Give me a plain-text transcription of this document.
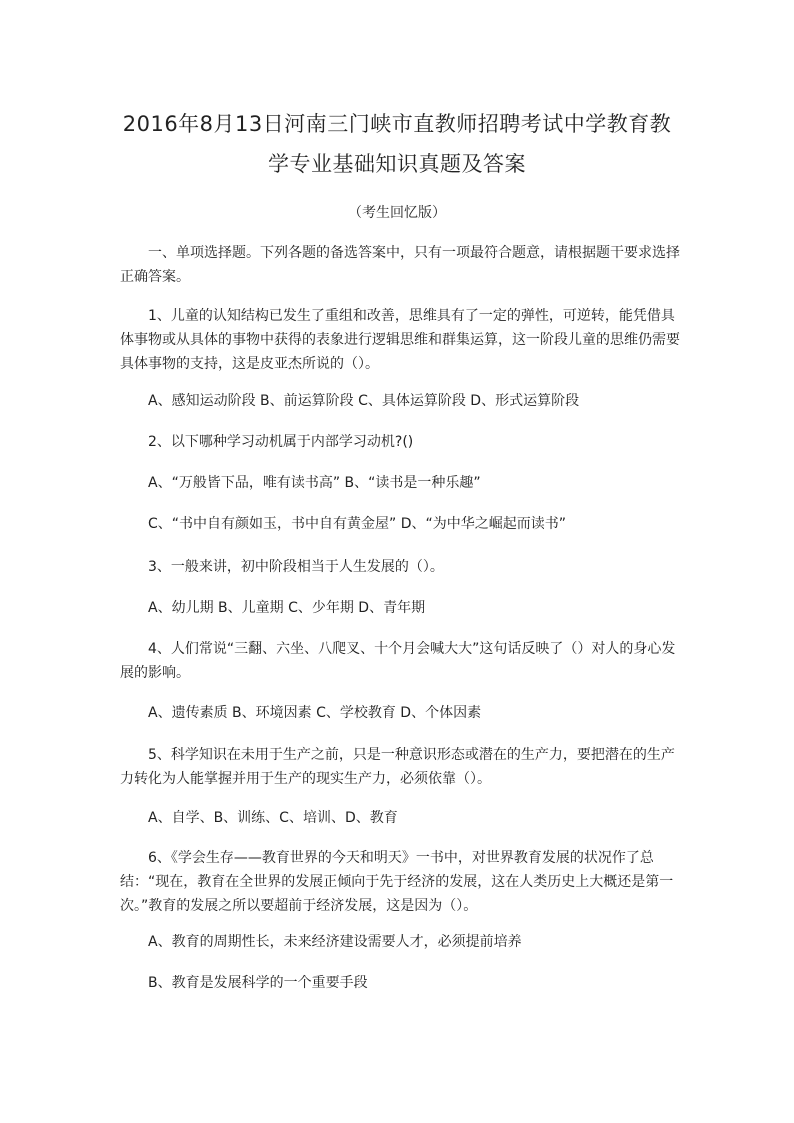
2016年8月13日河南三门峡市直教师招聘考试中学教育教
学专业基础知识真题及答案
（考生回忆版）
一、单项选择题。下列各题的备选答案中，只有一项最符合题意，请根据题干要求选择正确答案。
1、儿童的认知结构已发生了重组和改善，思维具有了一定的弹性，可逆转，能凭借具体事物或从具体的事物中获得的表象进行逻辑思维和群集运算，这一阶段儿童的思维仍需要具体事物的支持，这是皮亚杰所说的（）。
A、感知运动阶段 B、前运算阶段 C、具体运算阶段 D、形式运算阶段
2、以下哪种学习动机属于内部学习动机?()
A、“万般皆下品，唯有读书高” B、“读书是一种乐趣”
C、“书中自有颜如玉，书中自有黄金屋” D、“为中华之崛起而读书”
3、一般来讲，初中阶段相当于人生发展的（）。
A、幼儿期 B、儿童期 C、少年期 D、青年期
4、人们常说“三翻、六坐、八爬叉、十个月会喊大大”这句话反映了（）对人的身心发展的影响。
A、遗传素质 B、环境因素 C、学校教育 D、个体因素
5、科学知识在未用于生产之前，只是一种意识形态或潜在的生产力，要把潜在的生产力转化为人能掌握并用于生产的现实生产力，必须依靠（）。
A、自学、B、训练、C、培训、D、教育
6、《学会生存——教育世界的今天和明天》一书中，对世界教育发展的状况作了总结：“现在，教育在全世界的发展正倾向于先于经济的发展，这在人类历史上大概还是第一次。”教育的发展之所以要超前于经济发展，这是因为（）。
A、教育的周期性长，未来经济建设需要人才，必须提前培养
B、教育是发展科学的一个重要手段
